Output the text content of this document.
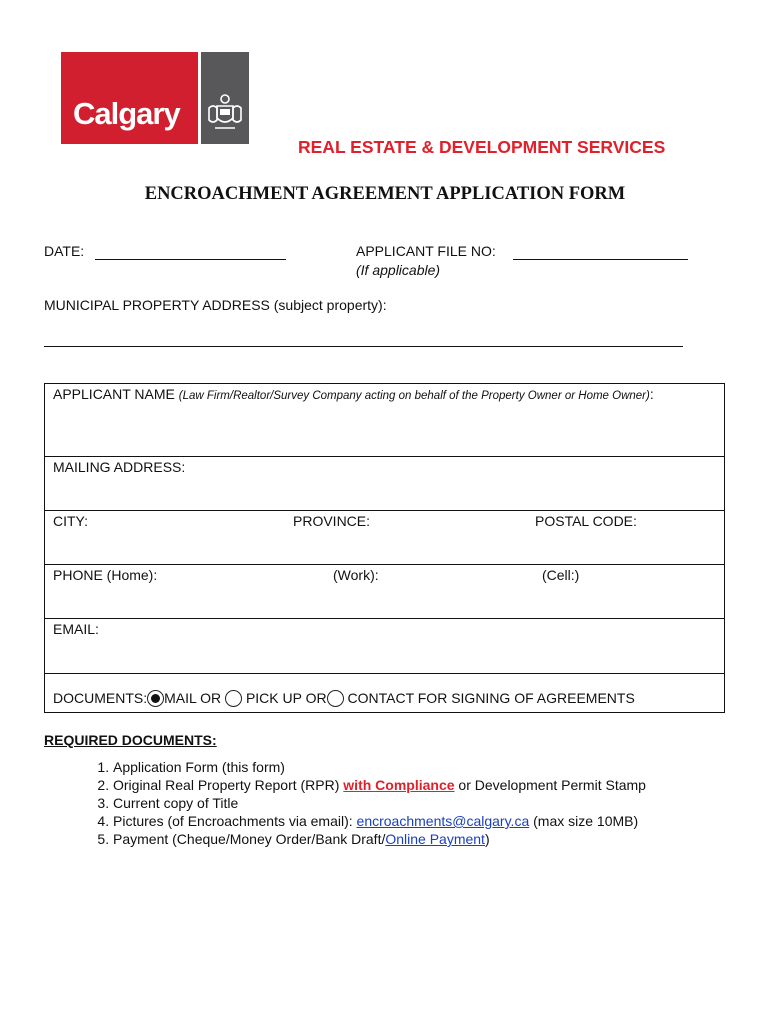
Calgary
REAL ESTATE & DEVELOPMENT SERVICES
ENCROACHMENT AGREEMENT APPLICATION FORM
DATE:	APPLICANT FILE NO:
(If applicable)
MUNICIPAL PROPERTY ADDRESS (subject property):
APPLICANT NAME (Law Firm/Realtor/Survey Company acting on behalf of the Property Owner or Home Owner):
MAILING ADDRESS:
CITY:	PROVINCE:	POSTAL CODE:
PHONE (Home):	(Work):	(Cell:)
EMAIL:
DOCUMENTS: MAIL OR PICK UP OR CONTACT FOR SIGNING OF AGREEMENTS
REQUIRED DOCUMENTS:
1. Application Form (this form)
2. Original Real Property Report (RPR) with Compliance or Development Permit Stamp
3. Current copy of Title
4. Pictures (of Encroachments via email): encroachments@calgary.ca (max size 10MB)
5. Payment (Cheque/Money Order/Bank Draft/Online Payment)
